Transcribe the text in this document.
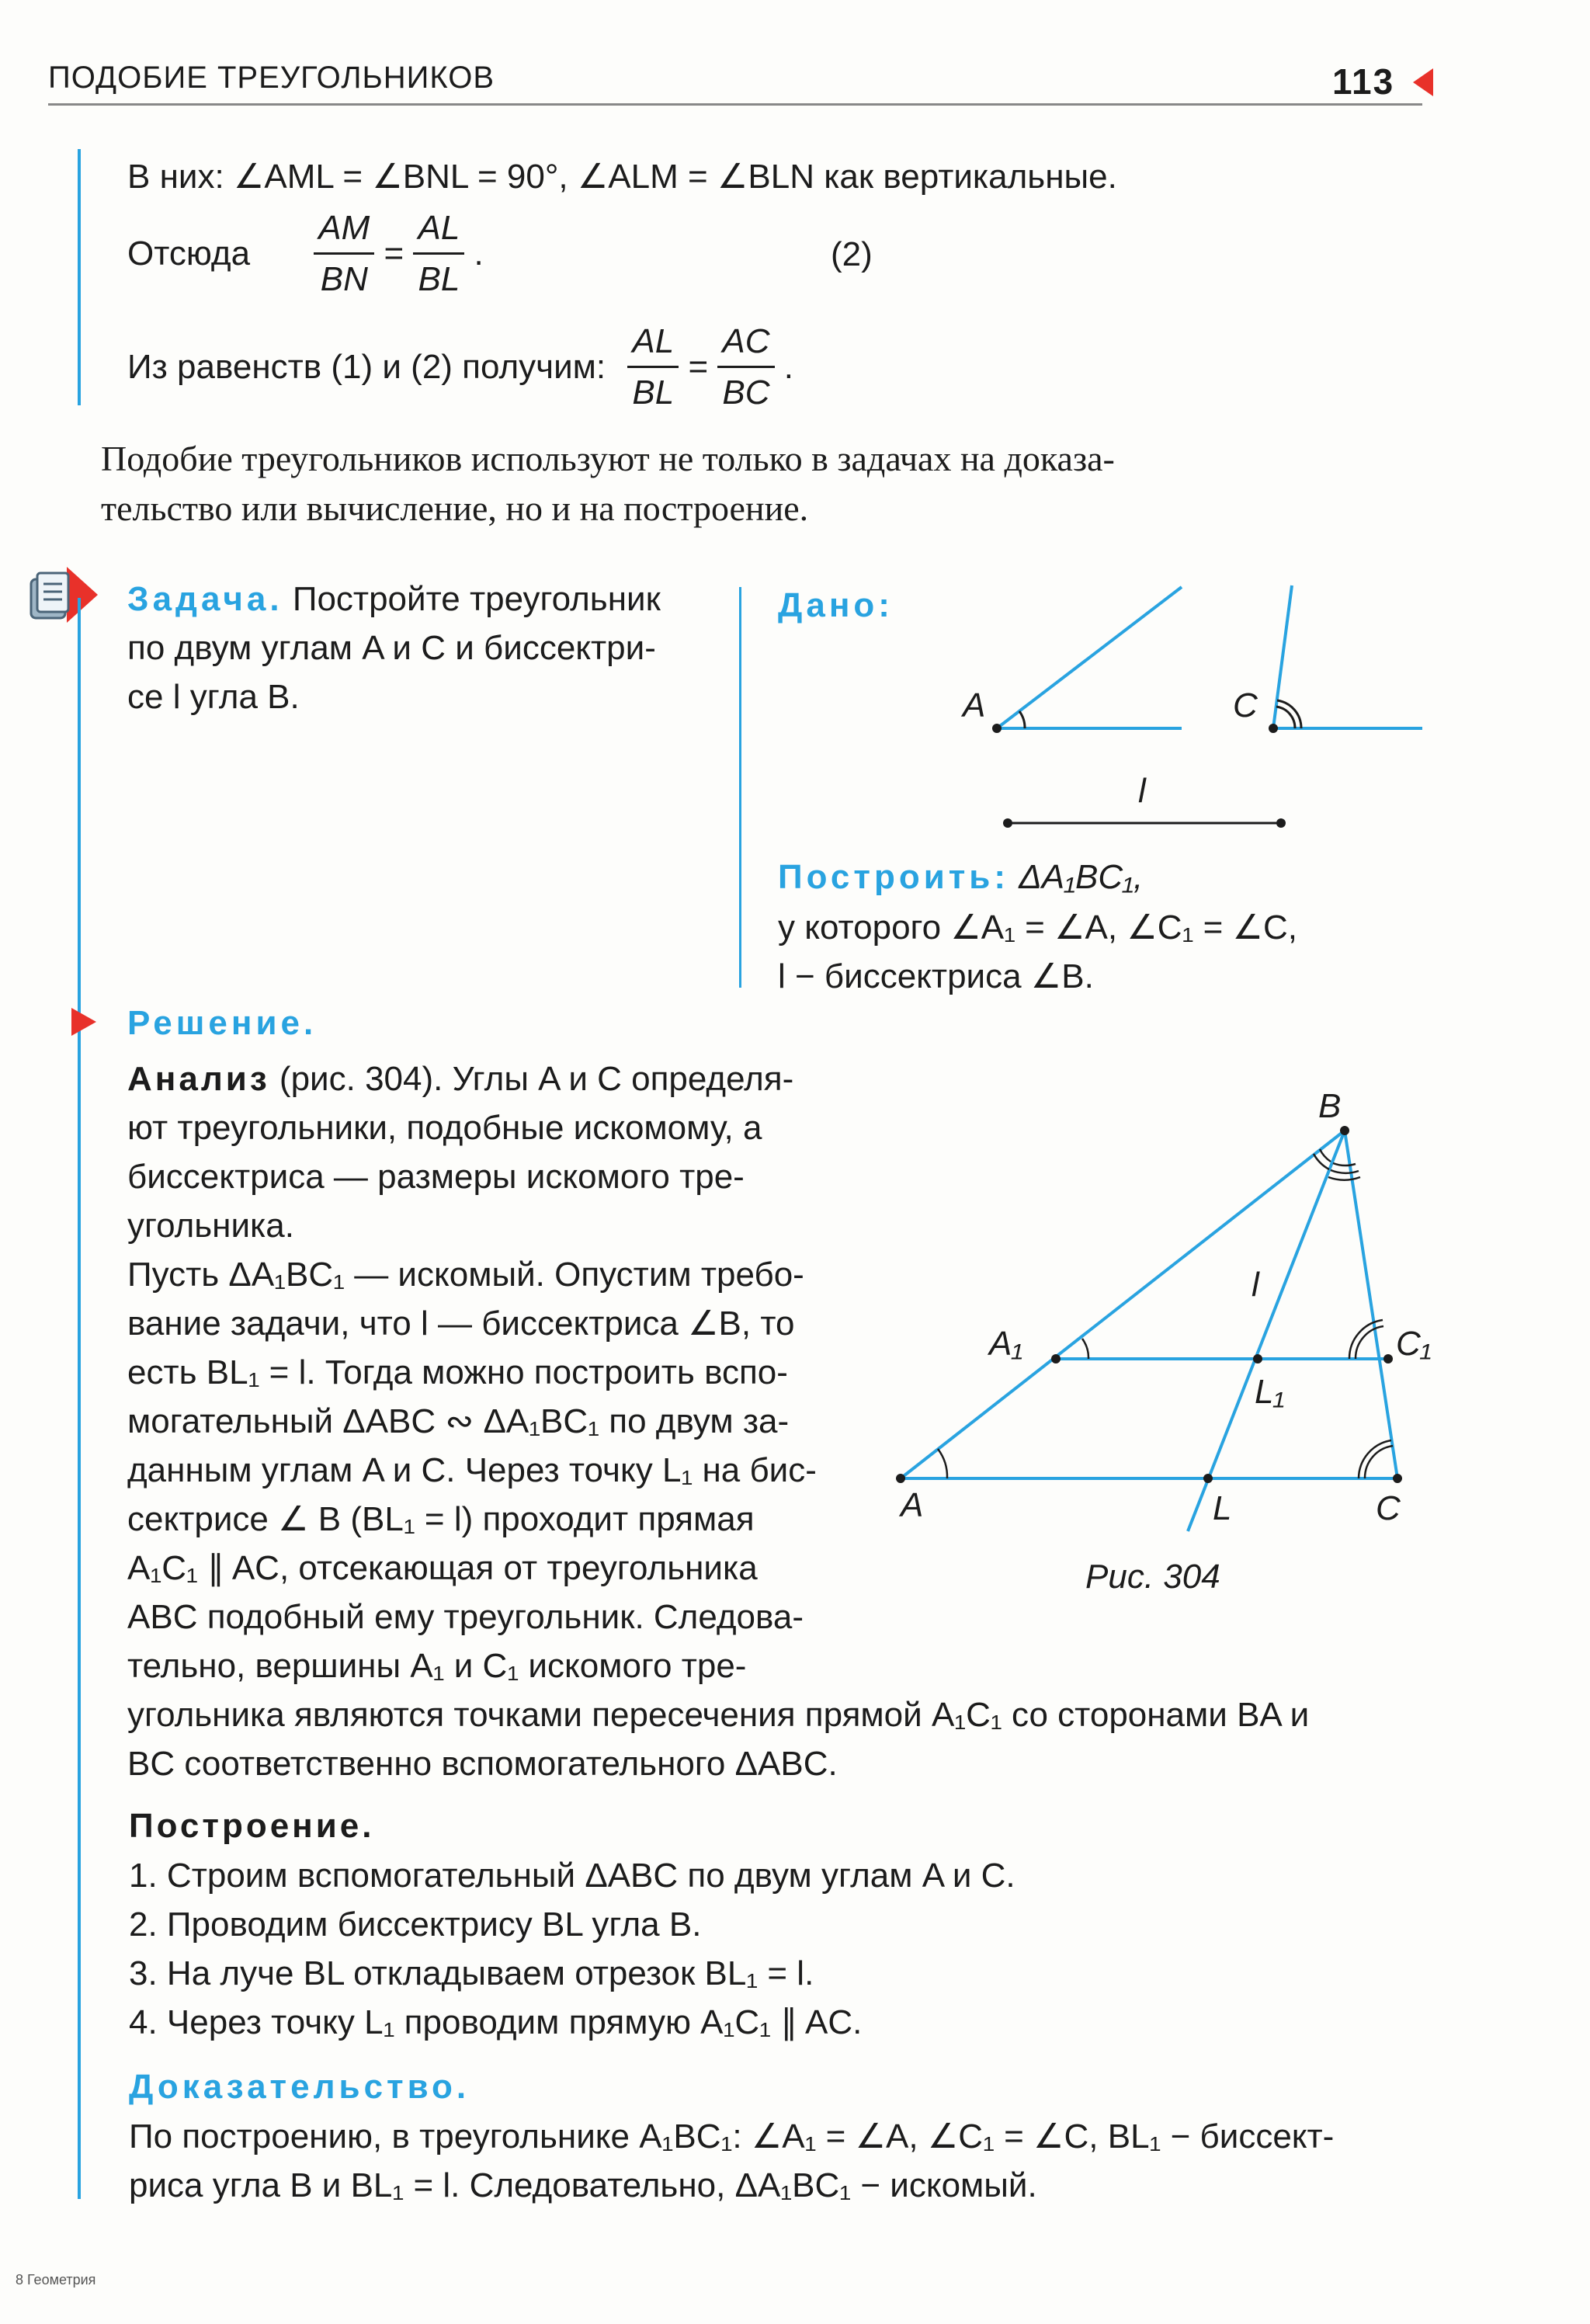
ПОДОБИЕ ТРЕУГОЛЬНИКОВ	113
В них: ∠AML = ∠BNL = 90°, ∠ALM = ∠BLN как вертикальные.
Отсюда $\frac{AM}{BN} = \frac{AL}{BL}$ .	(2)
Из равенств (1) и (2) получим: $\frac{AL}{BL} = \frac{AC}{BC}$ .
Подобие треугольников используют не только в задачах на доказа-
тельство или вычисление, но и на построение.
Задача. Постройте треугольник
по двум углам A и C и биссектри-
се l угла B.
Дано:
A	C
l
Построить: ΔA₁BC₁,
у которого ∠A₁ = ∠A, ∠C₁ = ∠C,
l − биссектриса ∠B.
Решение.
Анализ (рис. 304). Углы A и C определя-
ют треугольники, подобные искомому, а
биссектриса — размеры искомого тре-
угольника.
Пусть ΔA₁BC₁ — искомый. Опустим требо-
вание задачи, что l — биссектриса ∠B, то
есть BL₁ = l. Тогда можно построить вспо-
могательный ΔABC ∾ ΔA₁BC₁ по двум за-
данным углам A и C. Через точку L₁ на бис-
сектрисе ∠ B (BL₁ = l) проходит прямая
A₁C₁ ∥ AC, отсекающая от треугольника
ABC подобный ему треугольник. Следова-
тельно, вершины A₁ и C₁ искомого тре-
угольника являются точками пересечения прямой A₁C₁ со сторонами BA и
BC соответственно вспомогательного ΔABC.
B
l
A₁	C₁
L₁
A	L	C
Рис. 304
Построение.
1. Строим вспомогательный ΔABC по двум углам A и C.
2. Проводим биссектрису BL угла B.
3. На луче BL откладываем отрезок BL₁ = l.
4. Через точку L₁ проводим прямую A₁C₁ ∥ AC.
Доказательство.
По построению, в треугольнике A₁BC₁: ∠A₁ = ∠A, ∠C₁ = ∠C, BL₁ − биссект-
риса угла B и BL₁ = l. Следовательно, ΔA₁BC₁ − искомый.
8 Геометрия
